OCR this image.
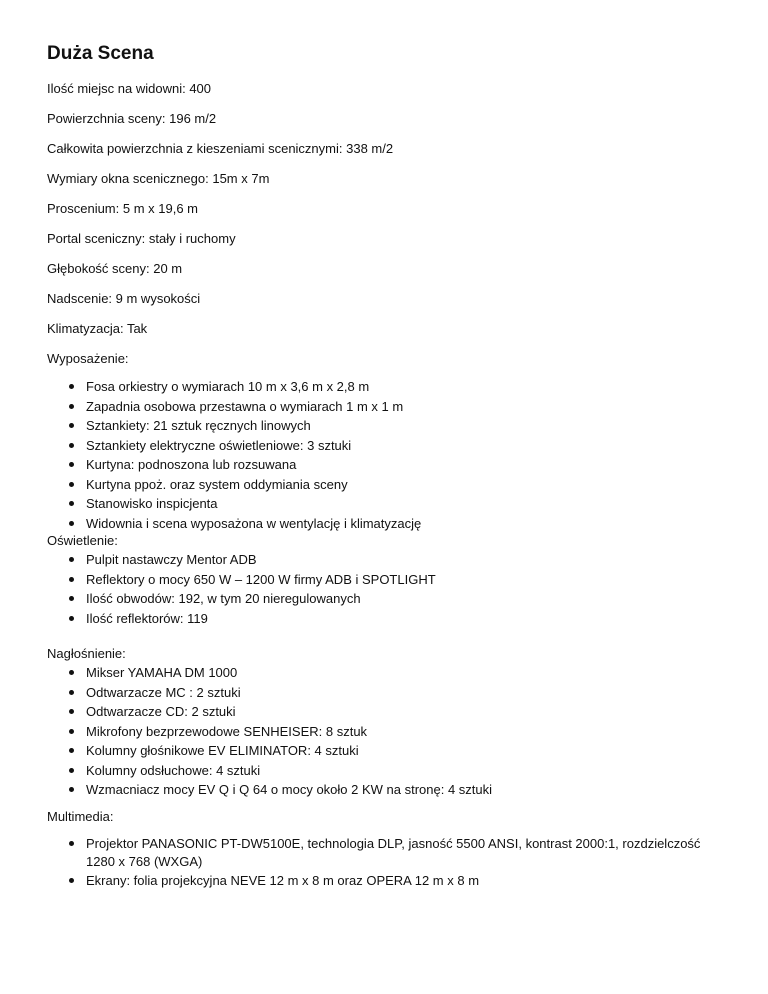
Duża Scena

Ilość miejsc na widowni: 400

Powierzchnia sceny: 196 m/2

Całkowita powierzchnia z kieszeniami scenicznymi: 338 m/2

Wymiary okna scenicznego: 15m x 7m

Proscenium: 5 m x 19,6 m

Portal sceniczny: stały i ruchomy

Głębokość sceny: 20 m

Nadscenie: 9 m wysokości

Klimatyzacja: Tak

Wyposażenie:

Fosa orkiestry o wymiarach 10 m x 3,6 m x 2,8 m
Zapadnia osobowa przestawna o wymiarach 1 m x 1 m
Sztankiety: 21 sztuk ręcznych linowych
Sztankiety elektryczne oświetleniowe: 3 sztuki
Kurtyna: podnoszona lub rozsuwana
Kurtyna ppoż. oraz system oddymiania sceny
Stanowisko inspicjenta
Widownia i scena wyposażona w wentylację i klimatyzację

Oświetlenie:

Pulpit nastawczy Mentor ADB
Reflektory o mocy 650 W – 1200 W firmy ADB i SPOTLIGHT
Ilość obwodów: 192, w tym 20 nieregulowanych
Ilość reflektorów: 119

Nagłośnienie:

Mikser YAMAHA DM 1000
Odtwarzacze MC : 2 sztuki
Odtwarzacze CD: 2 sztuki
Mikrofony bezprzewodowe SENHEISER: 8 sztuk
Kolumny głośnikowe EV ELIMINATOR: 4 sztuki
Kolumny odsłuchowe: 4 sztuki
Wzmacniacz mocy EV Q i Q 64 o mocy około 2 KW na stronę: 4 sztuki

Multimedia:

Projektor PANASONIC PT-DW5100E, technologia DLP, jasność 5500 ANSI, kontrast 2000:1, rozdzielczość 1280 x 768 (WXGA)
Ekrany: folia projekcyjna NEVE 12 m x 8 m oraz OPERA 12 m x 8 m
